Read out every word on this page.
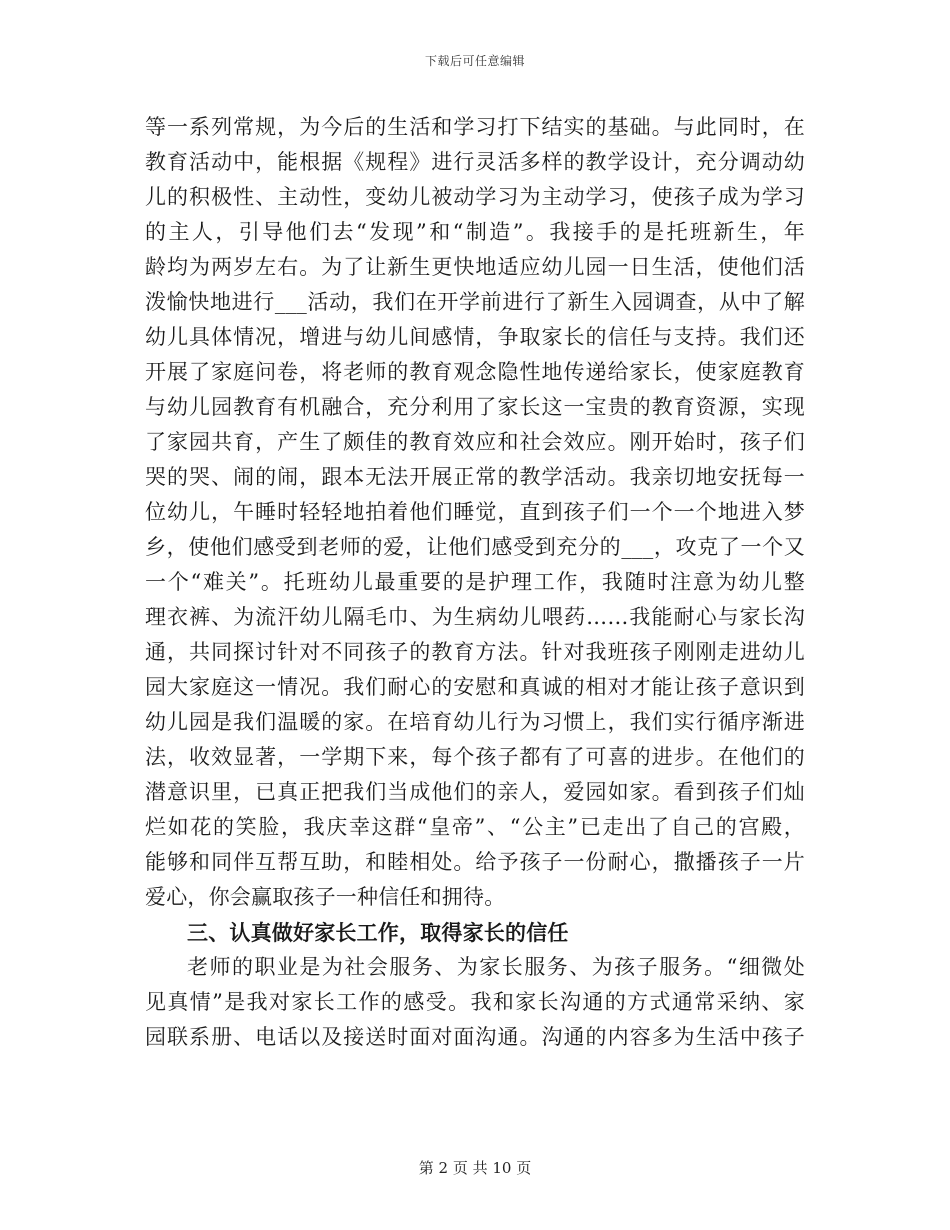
下载后可任意编辑
等一系列常规，为今后的生活和学习打下结实的基础。与此同时，在
教育活动中，能根据《规程》进行灵活多样的教学设计，充分调动幼
儿的积极性、主动性，变幼儿被动学习为主动学习，使孩子成为学习
的主人，引导他们去“发现”和“制造”。我接手的是托班新生，年
龄均为两岁左右。为了让新生更快地适应幼儿园一日生活，使他们活
泼愉快地进行___活动，我们在开学前进行了新生入园调查，从中了解
幼儿具体情况，增进与幼儿间感情，争取家长的信任与支持。我们还
开展了家庭问卷，将老师的教育观念隐性地传递给家长，使家庭教育
与幼儿园教育有机融合，充分利用了家长这一宝贵的教育资源，实现
了家园共育，产生了颇佳的教育效应和社会效应。刚开始时，孩子们
哭的哭、闹的闹，跟本无法开展正常的教学活动。我亲切地安抚每一
位幼儿，午睡时轻轻地拍着他们睡觉，直到孩子们一个一个地进入梦
乡，使他们感受到老师的爱，让他们感受到充分的___，攻克了一个又
一个“难关”。托班幼儿最重要的是护理工作，我随时注意为幼儿整
理衣裤、为流汗幼儿隔毛巾、为生病幼儿喂药……我能耐心与家长沟
通，共同探讨针对不同孩子的教育方法。针对我班孩子刚刚走进幼儿
园大家庭这一情况。我们耐心的安慰和真诚的相对才能让孩子意识到
幼儿园是我们温暖的家。在培育幼儿行为习惯上，我们实行循序渐进
法，收效显著，一学期下来，每个孩子都有了可喜的进步。在他们的
潜意识里，已真正把我们当成他们的亲人，爱园如家。看到孩子们灿
烂如花的笑脸，我庆幸这群“皇帝”、“公主”已走出了自己的宫殿，
能够和同伴互帮互助，和睦相处。给予孩子一份耐心，撒播孩子一片
爱心，你会赢取孩子一种信任和拥待。
三、认真做好家长工作，取得家长的信任
老师的职业是为社会服务、为家长服务、为孩子服务。“细微处
见真情”是我对家长工作的感受。我和家长沟通的方式通常采纳、家
园联系册、电话以及接送时面对面沟通。沟通的内容多为生活中孩子
第 2 页 共 10 页
